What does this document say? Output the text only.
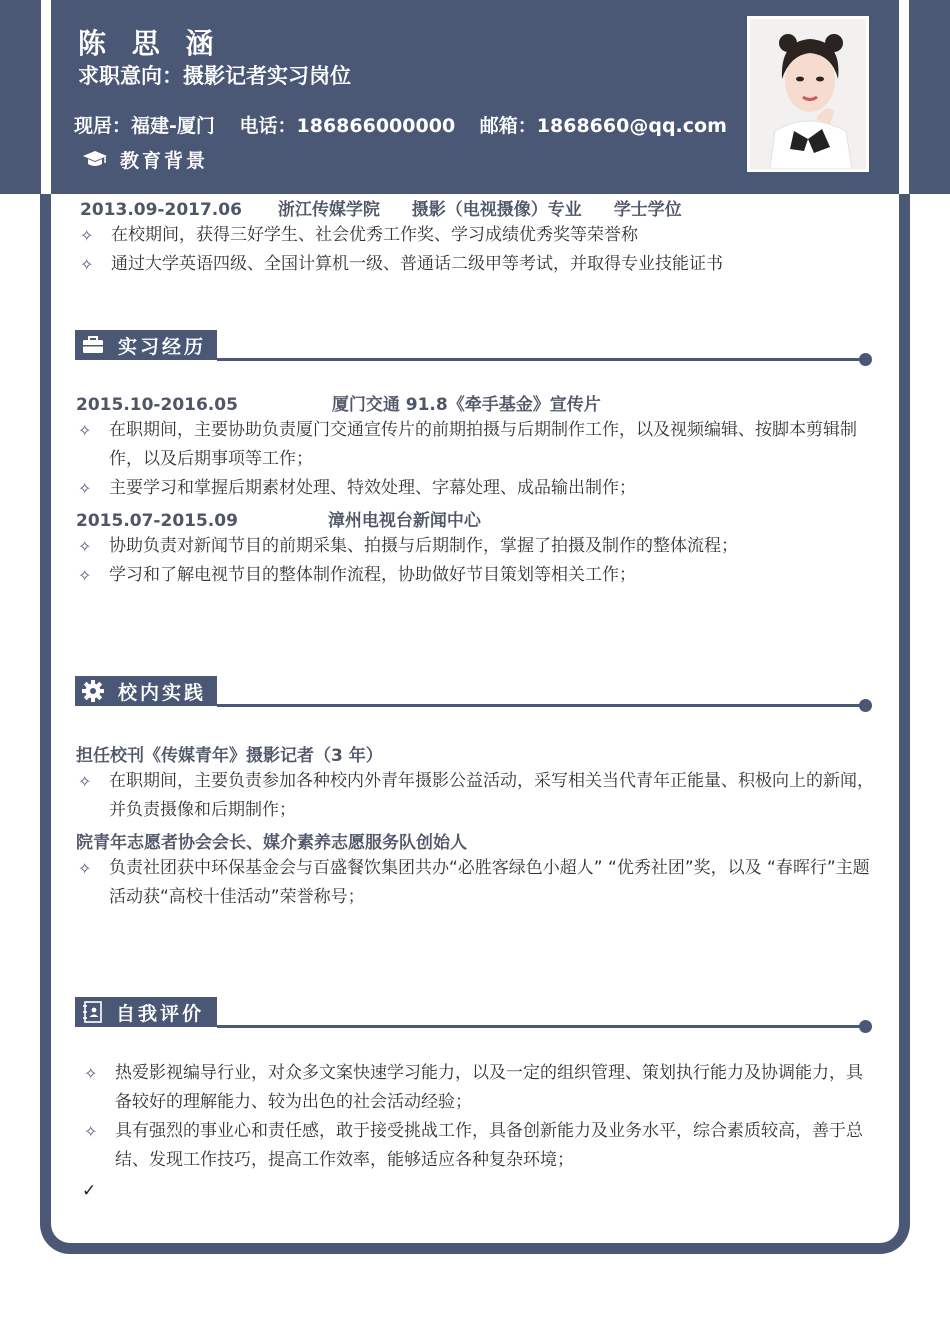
陈 思 涵
求职意向：摄影记者实习岗位
现居：福建-厦门 电话：186866000000 邮箱：1868660@qq.com
教育背景
2013.09-2017.06 浙江传媒学院 摄影（电视摄像）专业 学士学位
✧	在校期间，获得三好学生、社会优秀工作奖、学习成绩优秀奖等荣誉称
✧	通过大学英语四级、全国计算机一级、普通话二级甲等考试，并取得专业技能证书
实习经历
2015.10-2016.05	厦门交通 91.8《牵手基金》宣传片
✧	在职期间，主要协助负责厦门交通宣传片的前期拍摄与后期制作工作，以及视频编辑、按脚本剪辑制作，以及后期事项等工作；
✧	主要学习和掌握后期素材处理、特效处理、字幕处理、成品输出制作；
2015.07-2015.09	漳州电视台新闻中心
✧	协助负责对新闻节目的前期采集、拍摄与后期制作，掌握了拍摄及制作的整体流程；
✧	学习和了解电视节目的整体制作流程，协助做好节目策划等相关工作；
校内实践
担任校刊《传媒青年》摄影记者（3 年）
✧	在职期间，主要负责参加各种校内外青年摄影公益活动，采写相关当代青年正能量、积极向上的新闻，并负责摄像和后期制作；
院青年志愿者协会会长、媒介素养志愿服务队创始人
✧	负责社团获中环保基金会与百盛餐饮集团共办“必胜客绿色小超人” “优秀社团”奖，以及 “春晖行”主题活动获“高校十佳活动”荣誉称号；
自我评价
✧	热爱影视编导行业，对众多文案快速学习能力，以及一定的组织管理、策划执行能力及协调能力，具备较好的理解能力、较为出色的社会活动经验；
✧	具有强烈的事业心和责任感，敢于接受挑战工作，具备创新能力及业务水平，综合素质较高，善于总结、发现工作技巧，提高工作效率，能够适应各种复杂环境；
✓
